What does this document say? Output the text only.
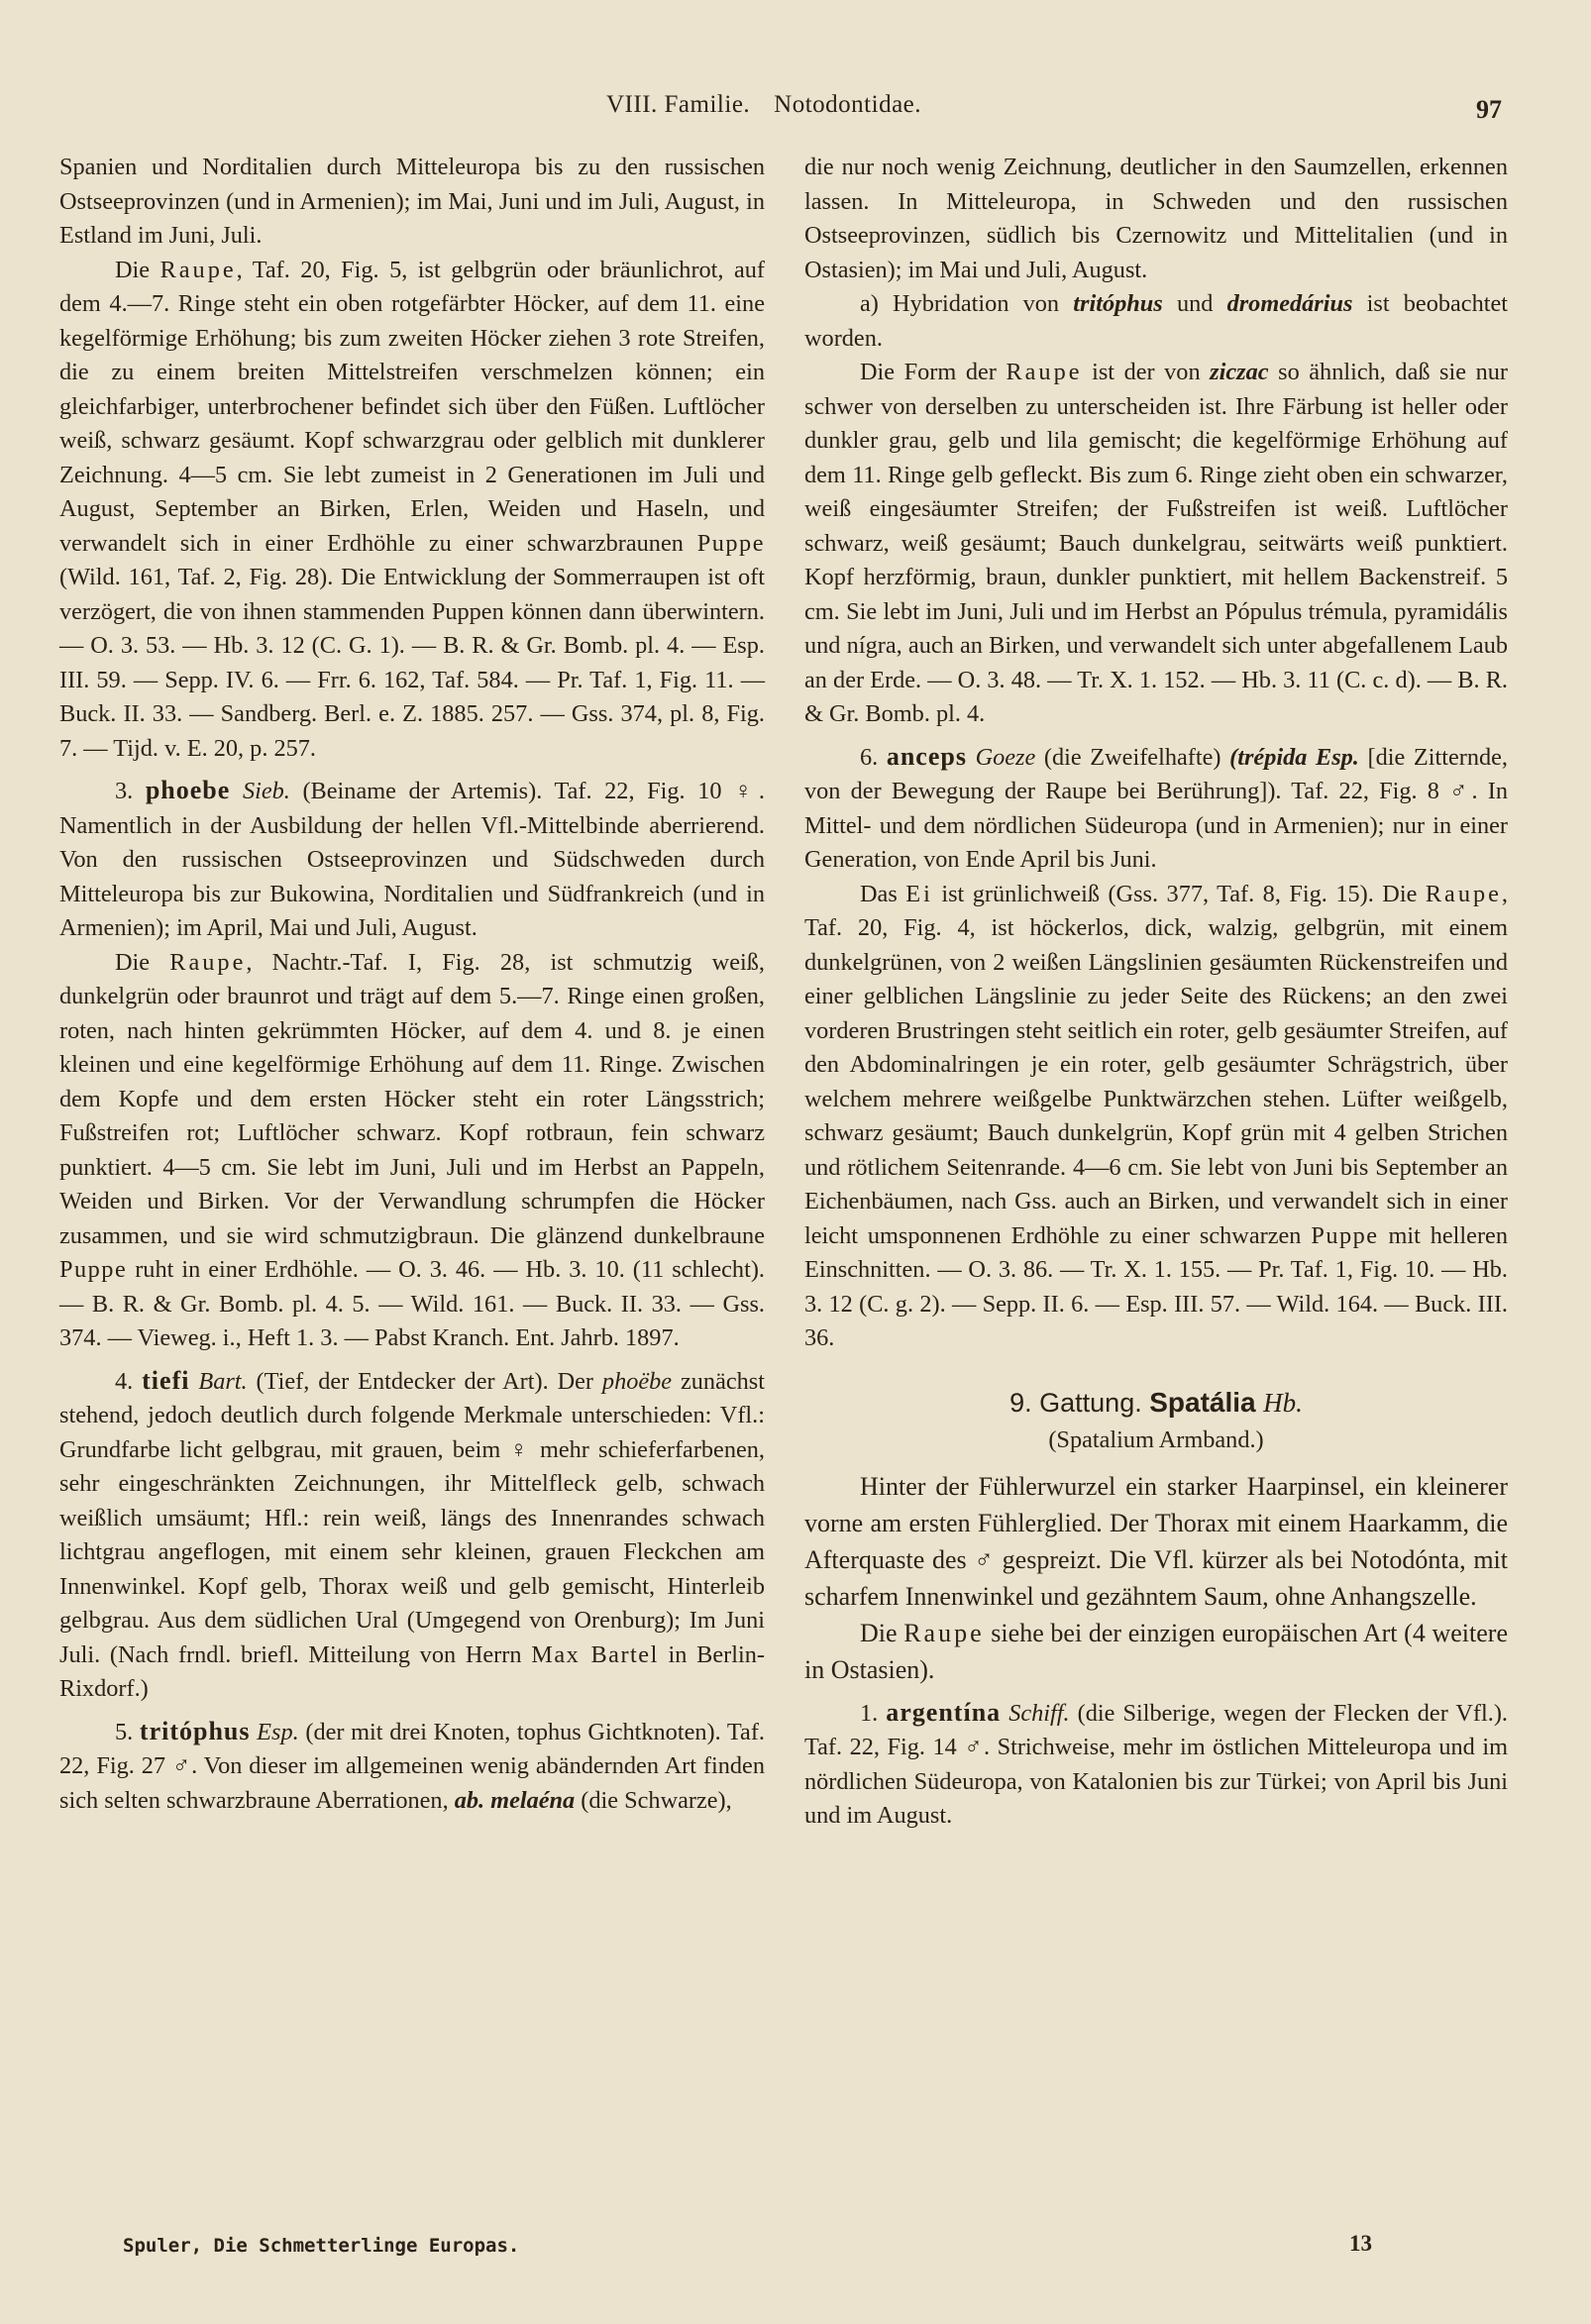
VIII. Familie. Notodontidae.	97

Spanien und Norditalien durch Mitteleuropa bis zu den russischen Ostseeprovinzen (und in Armenien); im Mai, Juni und im Juli, August, in Estland im Juni, Juli.

Die Raupe, Taf. 20, Fig. 5, ist gelbgrün oder bräunlichrot, auf dem 4.—7. Ringe steht ein oben rotgefärbter Höcker, auf dem 11. eine kegelförmige Erhöhung; bis zum zweiten Höcker ziehen 3 rote Streifen, die zu einem breiten Mittelstreifen verschmelzen können; ein gleichfarbiger, unterbrochener befindet sich über den Füßen. Luftlöcher weiß, schwarz gesäumt. Kopf schwarzgrau oder gelblich mit dunklerer Zeichnung. 4—5 cm. Sie lebt zumeist in 2 Generationen im Juli und August, September an Birken, Erlen, Weiden und Haseln, und verwandelt sich in einer Erdhöhle zu einer schwarzbraunen Puppe (Wild. 161, Taf. 2, Fig. 28). Die Entwicklung der Sommerraupen ist oft verzögert, die von ihnen stammenden Puppen können dann überwintern. — O. 3. 53. — Hb. 3. 12 (C. G. 1). — B. R. & Gr. Bomb. pl. 4. — Esp. III. 59. — Sepp. IV. 6. — Frr. 6. 162, Taf. 584. — Pr. Taf. 1, Fig. 11. — Buck. II. 33. — Sandberg. Berl. e. Z. 1885. 257. — Gss. 374, pl. 8, Fig. 7. — Tijd. v. E. 20, p. 257.

3. phoebe Sieb. (Beiname der Artemis). Taf. 22, Fig. 10 ♀. Namentlich in der Ausbildung der hellen Vfl.-Mittelbinde aberrierend. Von den russischen Ostseeprovinzen und Südschweden durch Mitteleuropa bis zur Bukowina, Norditalien und Südfrankreich (und in Armenien); im April, Mai und Juli, August.

Die Raupe, Nachtr.-Taf. I, Fig. 28, ist schmutzig weiß, dunkelgrün oder braunrot und trägt auf dem 5.—7. Ringe einen großen, roten, nach hinten gekrümmten Höcker, auf dem 4. und 8. je einen kleinen und eine kegelförmige Erhöhung auf dem 11. Ringe. Zwischen dem Kopfe und dem ersten Höcker steht ein roter Längsstrich; Fußstreifen rot; Luftlöcher schwarz. Kopf rotbraun, fein schwarz punktiert. 4—5 cm. Sie lebt im Juni, Juli und im Herbst an Pappeln, Weiden und Birken. Vor der Verwandlung schrumpfen die Höcker zusammen, und sie wird schmutzigbraun. Die glänzend dunkelbraune Puppe ruht in einer Erdhöhle. — O. 3. 46. — Hb. 3. 10. (11 schlecht). — B. R. & Gr. Bomb. pl. 4. 5. — Wild. 161. — Buck. II. 33. — Gss. 374. — Vieweg. i., Heft 1. 3. — Pabst Kranch. Ent. Jahrb. 1897.

4. tiefi Bart. (Tief, der Entdecker der Art). Der phoëbe zunächst stehend, jedoch deutlich durch folgende Merkmale unterschieden: Vfl.: Grundfarbe licht gelbgrau, mit grauen, beim ♀ mehr schieferfarbenen, sehr eingeschränkten Zeichnungen, ihr Mittelfleck gelb, schwach weißlich umsäumt; Hfl.: rein weiß, längs des Innenrandes schwach lichtgrau angeflogen, mit einem sehr kleinen, grauen Fleckchen am Innenwinkel. Kopf gelb, Thorax weiß und gelb gemischt, Hinterleib gelbgrau. Aus dem südlichen Ural (Umgegend von Orenburg); Im Juni Juli. (Nach frndl. briefl. Mitteilung von Herrn Max Bartel in Berlin-Rixdorf.)

5. tritóphus Esp. (der mit drei Knoten, tophus Gichtknoten). Taf. 22, Fig. 27 ♂. Von dieser im allgemeinen wenig abändernden Art finden sich selten schwarzbraune Aberrationen, ab. melaéna (die Schwarze),

die nur noch wenig Zeichnung, deutlicher in den Saumzellen, erkennen lassen. In Mitteleuropa, in Schweden und den russischen Ostseeprovinzen, südlich bis Czernowitz und Mittelitalien (und in Ostasien); im Mai und Juli, August.

a) Hybridation von tritóphus und dromedárius ist beobachtet worden.

Die Form der Raupe ist der von ziczac so ähnlich, daß sie nur schwer von derselben zu unterscheiden ist. Ihre Färbung ist heller oder dunkler grau, gelb und lila gemischt; die kegelförmige Erhöhung auf dem 11. Ringe gelb gefleckt. Bis zum 6. Ringe zieht oben ein schwarzer, weiß eingesäumter Streifen; der Fußstreifen ist weiß. Luftlöcher schwarz, weiß gesäumt; Bauch dunkelgrau, seitwärts weiß punktiert. Kopf herzförmig, braun, dunkler punktiert, mit hellem Backenstreif. 5 cm. Sie lebt im Juni, Juli und im Herbst an Pópulus trémula, pyramidális und nígra, auch an Birken, und verwandelt sich unter abgefallenem Laub an der Erde. — O. 3. 48. — Tr. X. 1. 152. — Hb. 3. 11 (C. c. d). — B. R. & Gr. Bomb. pl. 4.

6. anceps Goeze (die Zweifelhafte) (trépida Esp. [die Zitternde, von der Bewegung der Raupe bei Berührung]). Taf. 22, Fig. 8 ♂. In Mittel- und dem nördlichen Südeuropa (und in Armenien); nur in einer Generation, von Ende April bis Juni.

Das Ei ist grünlichweiß (Gss. 377, Taf. 8, Fig. 15). Die Raupe, Taf. 20, Fig. 4, ist höckerlos, dick, walzig, gelbgrün, mit einem dunkelgrünen, von 2 weißen Längslinien gesäumten Rückenstreifen und einer gelblichen Längslinie zu jeder Seite des Rückens; an den zwei vorderen Brustringen steht seitlich ein roter, gelb gesäumter Streifen, auf den Abdominalringen je ein roter, gelb gesäumter Schrägstrich, über welchem mehrere weißgelbe Punktwärzchen stehen. Lüfter weißgelb, schwarz gesäumt; Bauch dunkelgrün, Kopf grün mit 4 gelben Strichen und rötlichem Seitenrande. 4—6 cm. Sie lebt von Juni bis September an Eichenbäumen, nach Gss. auch an Birken, und verwandelt sich in einer leicht umsponnenen Erdhöhle zu einer schwarzen Puppe mit helleren Einschnitten. — O. 3. 86. — Tr. X. 1. 155. — Pr. Taf. 1, Fig. 10. — Hb. 3. 12 (C. g. 2). — Sepp. II. 6. — Esp. III. 57. — Wild. 164. — Buck. III. 36.

9. Gattung. Spatália Hb.
(Spatalium Armband.)

Hinter der Fühlerwurzel ein starker Haarpinsel, ein kleinerer vorne am ersten Fühlerglied. Der Thorax mit einem Haarkamm, die Afterquaste des ♂ gespreizt. Die Vfl. kürzer als bei Notodónta, mit scharfem Innenwinkel und gezähntem Saum, ohne Anhangszelle.

Die Raupe siehe bei der einzigen europäischen Art (4 weitere in Ostasien).

1. argentína Schiff. (die Silberige, wegen der Flecken der Vfl.). Taf. 22, Fig. 14 ♂. Strichweise, mehr im östlichen Mitteleuropa und im nördlichen Südeuropa, von Katalonien bis zur Türkei; von April bis Juni und im August.

Spuler, Die Schmetterlinge Europas.	13
